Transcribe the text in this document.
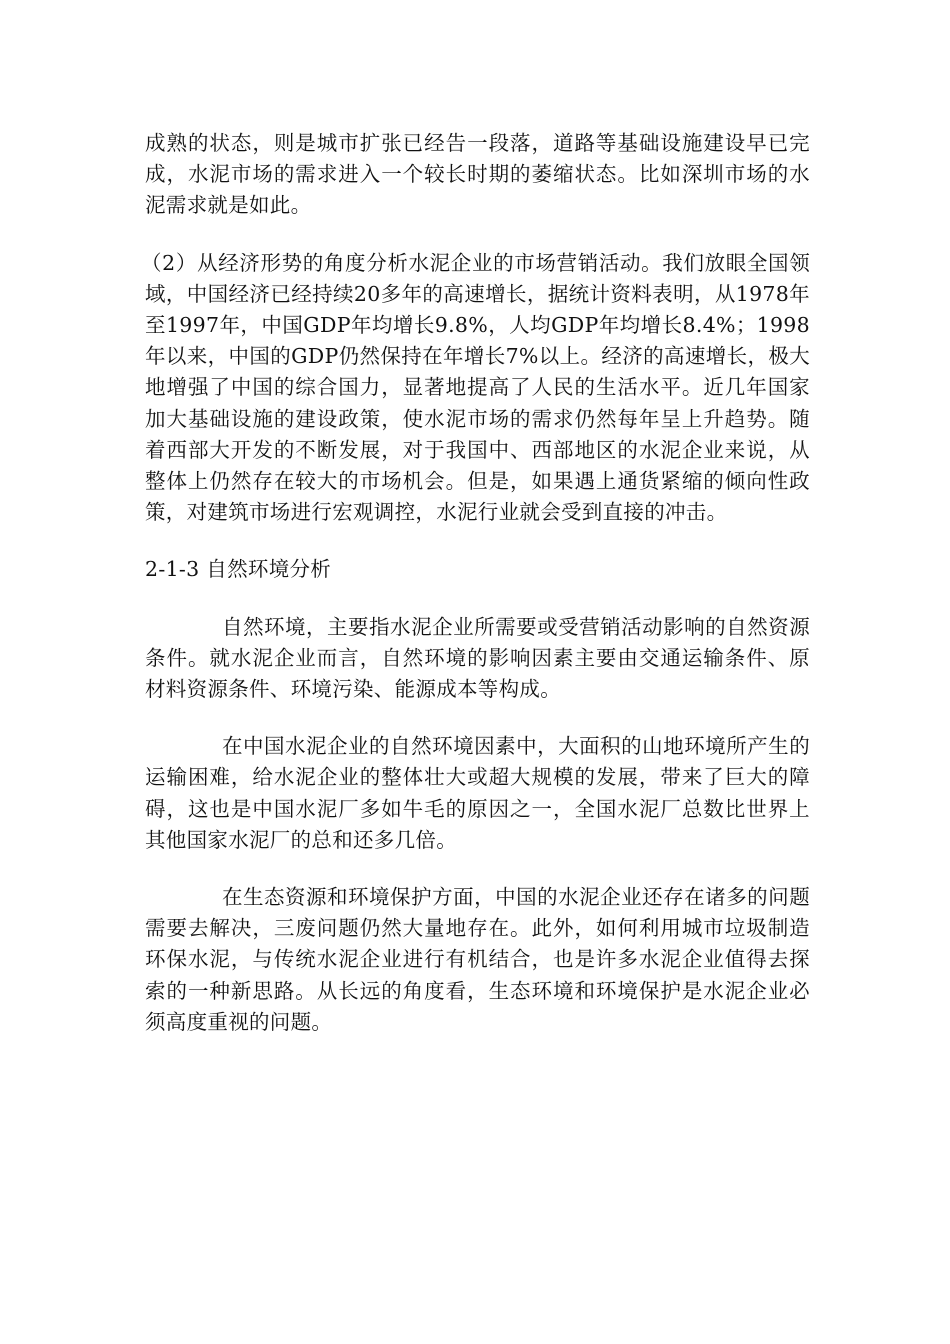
成熟的状态，则是城市扩张已经告一段落，道路等基础设施建设早已完成，水泥市场的需求进入一个较长时期的萎缩状态。比如深圳市场的水泥需求就是如此。

（2）从经济形势的角度分析水泥企业的市场营销活动。我们放眼全国领域，中国经济已经持续20多年的高速增长，据统计资料表明，从1978年至1997年，中国GDP年均增长9.8%，人均GDP年均增长8.4%；1998年以来，中国的GDP仍然保持在年增长7%以上。经济的高速增长，极大地增强了中国的综合国力，显著地提高了人民的生活水平。近几年国家加大基础设施的建设政策，使水泥市场的需求仍然每年呈上升趋势。随着西部大开发的不断发展，对于我国中、西部地区的水泥企业来说，从整体上仍然存在较大的市场机会。但是，如果遇上通货紧缩的倾向性政策，对建筑市场进行宏观调控，水泥行业就会受到直接的冲击。

2-1-3 自然环境分析

自然环境，主要指水泥企业所需要或受营销活动影响的自然资源条件。就水泥企业而言，自然环境的影响因素主要由交通运输条件、原材料资源条件、环境污染、能源成本等构成。

在中国水泥企业的自然环境因素中，大面积的山地环境所产生的运输困难，给水泥企业的整体壮大或超大规模的发展，带来了巨大的障碍，这也是中国水泥厂多如牛毛的原因之一，全国水泥厂总数比世界上其他国家水泥厂的总和还多几倍。

在生态资源和环境保护方面，中国的水泥企业还存在诸多的问题需要去解决，三废问题仍然大量地存在。此外，如何利用城市垃圾制造环保水泥，与传统水泥企业进行有机结合，也是许多水泥企业值得去探索的一种新思路。从长远的角度看，生态环境和环境保护是水泥企业必须高度重视的问题。
